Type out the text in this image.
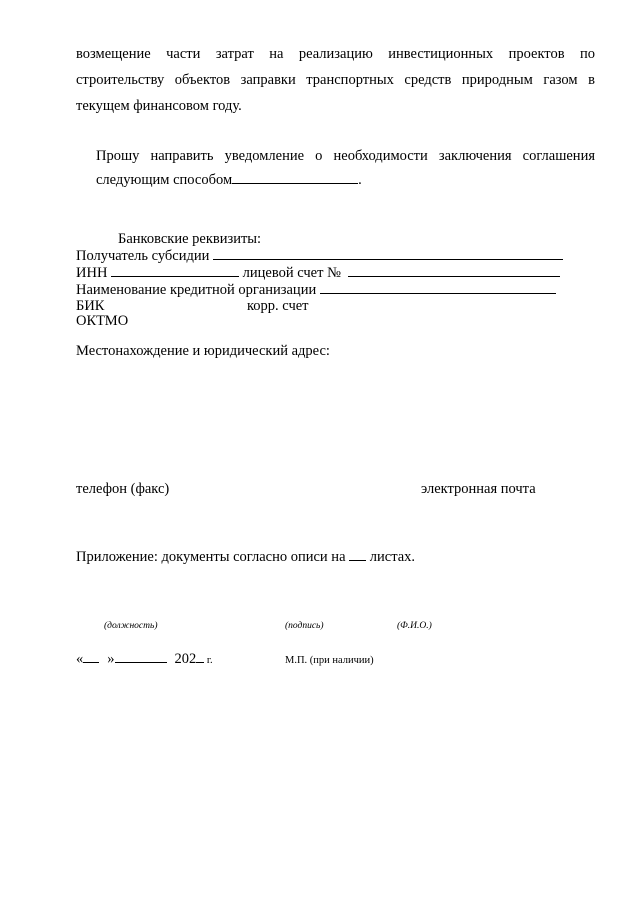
возмещение части затрат на реализацию инвестиционных проектов по
строительству объектов заправки транспортных средств природным газом в
текущем финансовом году.
Прошу направить уведомление о необходимости заключения соглашения
следующим способом	.
Банковские реквизиты:
Получатель субсидии
ИНН	лицевой счет №
Наименование кредитной организации
БИК	корр. счет
ОКТМО
Местонахождение и юридический адрес:
телефон (факс)	электронная почта
Приложение: документы согласно описи на  листах.
(должность)	(подпись)	(Ф.И.О.)
« »	202 г.	М.П. (при наличии)
